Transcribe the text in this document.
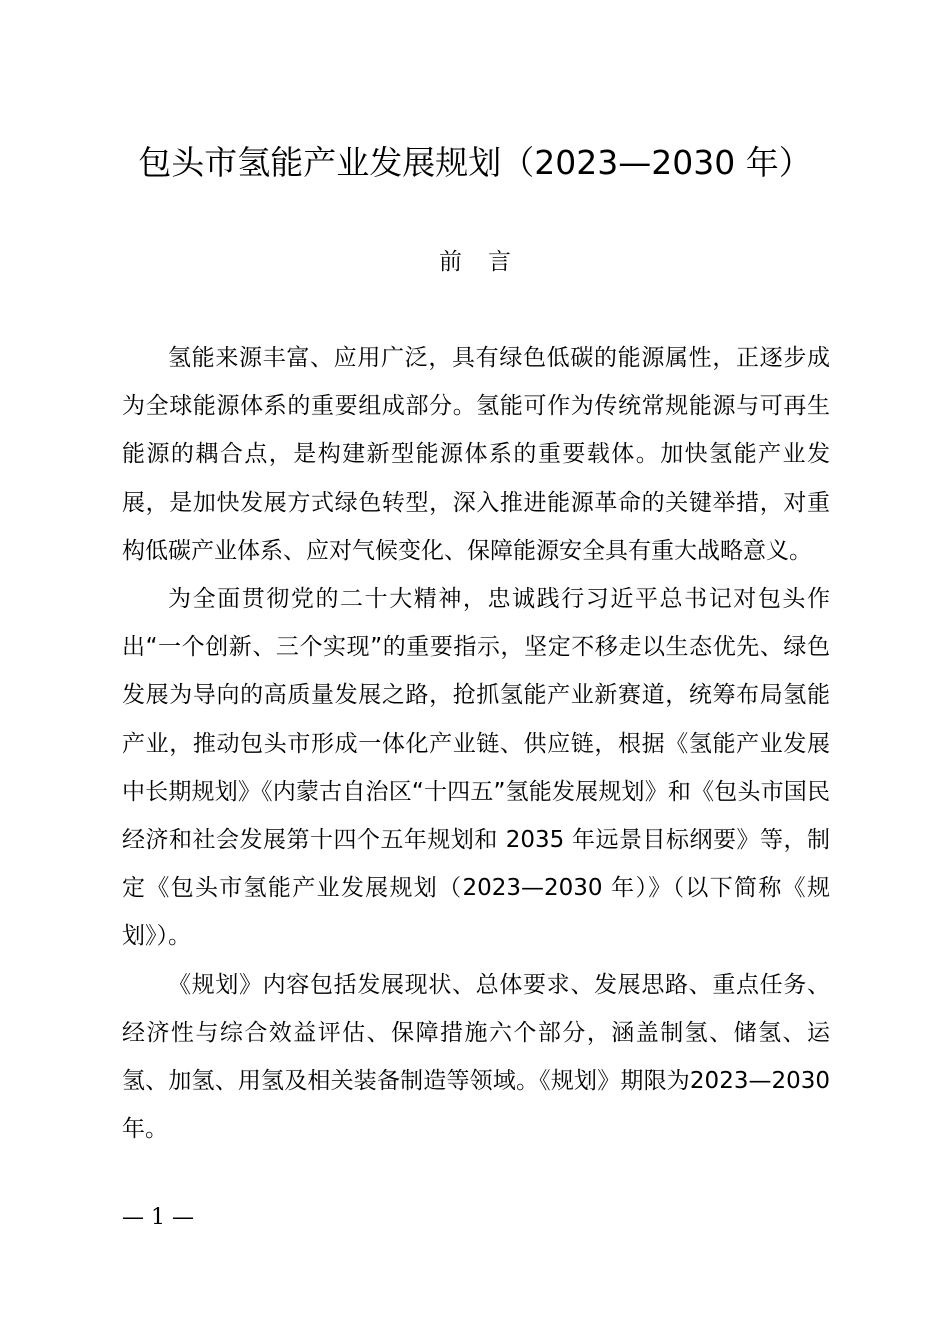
包头市氢能产业发展规划（2023—2030 年）
前言

氢能来源丰富、应用广泛，具有绿色低碳的能源属性，正逐步成为全球能源体系的重要组成部分。氢能可作为传统常规能源与可再生能源的耦合点，是构建新型能源体系的重要载体。加快氢能产业发展，是加快发展方式绿色转型，深入推进能源革命的关键举措，对重构低碳产业体系、应对气候变化、保障能源安全具有重大战略意义。

为全面贯彻党的二十大精神，忠诚践行习近平总书记对包头作出“一个创新、三个实现”的重要指示，坚定不移走以生态优先、绿色发展为导向的高质量发展之路，抢抓氢能产业新赛道，统筹布局氢能产业，推动包头市形成一体化产业链、供应链，根据《氢能产业发展中长期规划》《内蒙古自治区“十四五”氢能发展规划》和《包头市国民经济和社会发展第十四个五年规划和 2035 年远景目标纲要》等，制定《包头市氢能产业发展规划（2023—2030 年）》（以下简称《规划》）。

《规划》内容包括发展现状、总体要求、发展思路、重点任务、经济性与综合效益评估、保障措施六个部分，涵盖制氢、储氢、运氢、加氢、用氢及相关装备制造等领域。《规划》期限为2023—2030 年。

— 1 —
